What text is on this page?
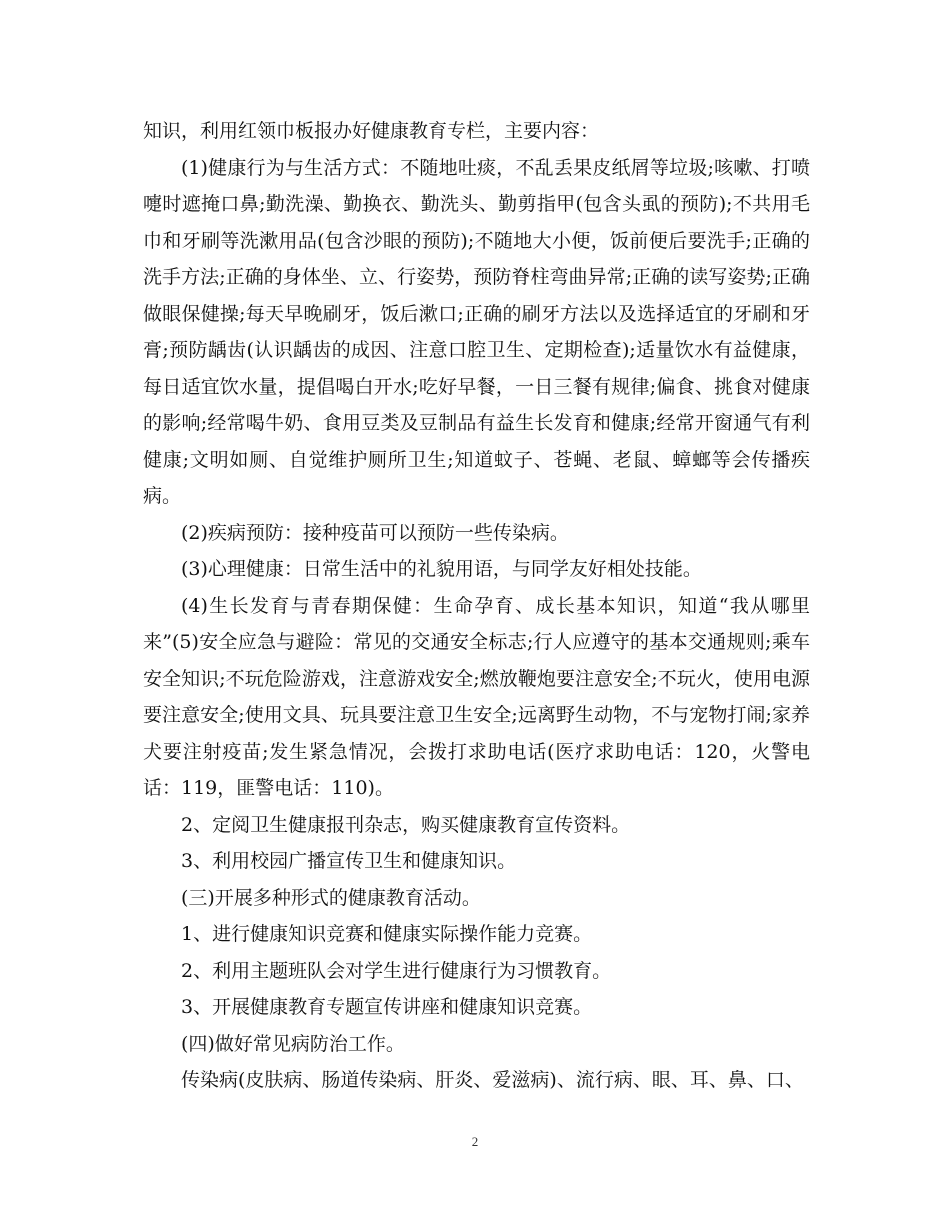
知识，利用红领巾板报办好健康教育专栏，主要内容：

(1)健康行为与生活方式：不随地吐痰，不乱丢果皮纸屑等垃圾;咳嗽、打喷嚏时遮掩口鼻;勤洗澡、勤换衣、勤洗头、勤剪指甲(包含头虱的预防);不共用毛巾和牙刷等洗漱用品(包含沙眼的预防);不随地大小便，饭前便后要洗手;正确的洗手方法;正确的身体坐、立、行姿势，预防脊柱弯曲异常;正确的读写姿势;正确做眼保健操;每天早晚刷牙，饭后漱口;正确的刷牙方法以及选择适宜的牙刷和牙膏;预防龋齿(认识龋齿的成因、注意口腔卫生、定期检查);适量饮水有益健康，每日适宜饮水量，提倡喝白开水;吃好早餐，一日三餐有规律;偏食、挑食对健康的影响;经常喝牛奶、食用豆类及豆制品有益生长发育和健康;经常开窗通气有利健康;文明如厕、自觉维护厕所卫生;知道蚊子、苍蝇、老鼠、蟑螂等会传播疾病。

(2)疾病预防：接种疫苗可以预防一些传染病。

(3)心理健康：日常生活中的礼貌用语，与同学友好相处技能。

(4)生长发育与青春期保健：生命孕育、成长基本知识，知道“我从哪里来”(5)安全应急与避险：常见的交通安全标志;行人应遵守的基本交通规则;乘车安全知识;不玩危险游戏，注意游戏安全;燃放鞭炮要注意安全;不玩火，使用电源要注意安全;使用文具、玩具要注意卫生安全;远离野生动物，不与宠物打闹;家养犬要注射疫苗;发生紧急情况，会拨打求助电话(医疗求助电话：120，火警电话：119，匪警电话：110)。

2、定阅卫生健康报刊杂志，购买健康教育宣传资料。

3、利用校园广播宣传卫生和健康知识。

(三)开展多种形式的健康教育活动。

1、进行健康知识竞赛和健康实际操作能力竞赛。

2、利用主题班队会对学生进行健康行为习惯教育。

3、开展健康教育专题宣传讲座和健康知识竞赛。

(四)做好常见病防治工作。

传染病(皮肤病、肠道传染病、肝炎、爱滋病)、流行病、眼、耳、鼻、口、

2
